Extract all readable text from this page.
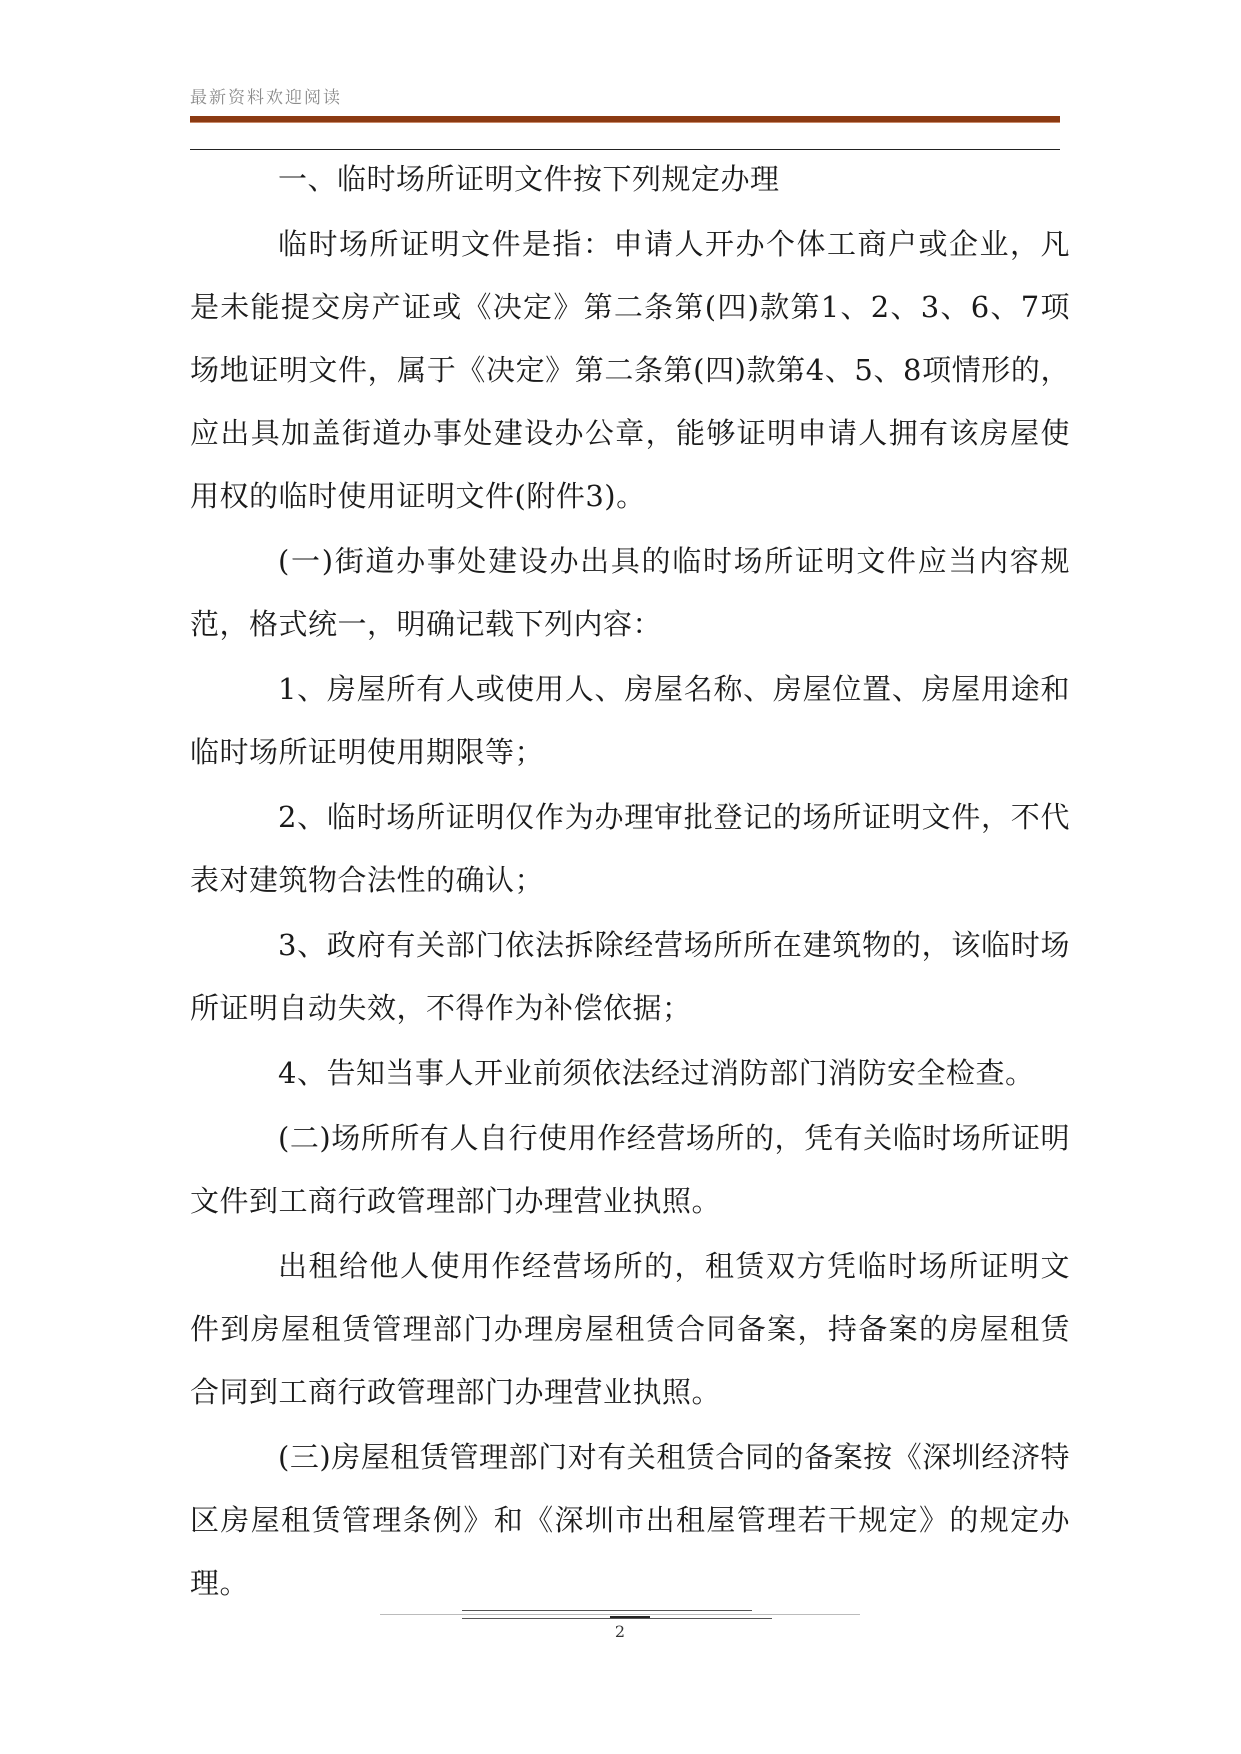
最新资料欢迎阅读

一、临时场所证明文件按下列规定办理

临时场所证明文件是指：申请人开办个体工商户或企业，凡是未能提交房产证或《决定》第二条第(四)款第1、2、3、6、7项场地证明文件，属于《决定》第二条第(四)款第4、5、8项情形的，应出具加盖街道办事处建设办公章，能够证明申请人拥有该房屋使用权的临时使用证明文件(附件3)。

(一)街道办事处建设办出具的临时场所证明文件应当内容规范，格式统一，明确记载下列内容：

1、房屋所有人或使用人、房屋名称、房屋位置、房屋用途和临时场所证明使用期限等；

2、临时场所证明仅作为办理审批登记的场所证明文件，不代表对建筑物合法性的确认；

3、政府有关部门依法拆除经营场所所在建筑物的，该临时场所证明自动失效，不得作为补偿依据；

4、告知当事人开业前须依法经过消防部门消防安全检查。

(二)场所所有人自行使用作经营场所的，凭有关临时场所证明文件到工商行政管理部门办理营业执照。

出租给他人使用作经营场所的，租赁双方凭临时场所证明文件到房屋租赁管理部门办理房屋租赁合同备案，持备案的房屋租赁合同到工商行政管理部门办理营业执照。

(三)房屋租赁管理部门对有关租赁合同的备案按《深圳经济特区房屋租赁管理条例》和《深圳市出租屋管理若干规定》的规定办理。

2
